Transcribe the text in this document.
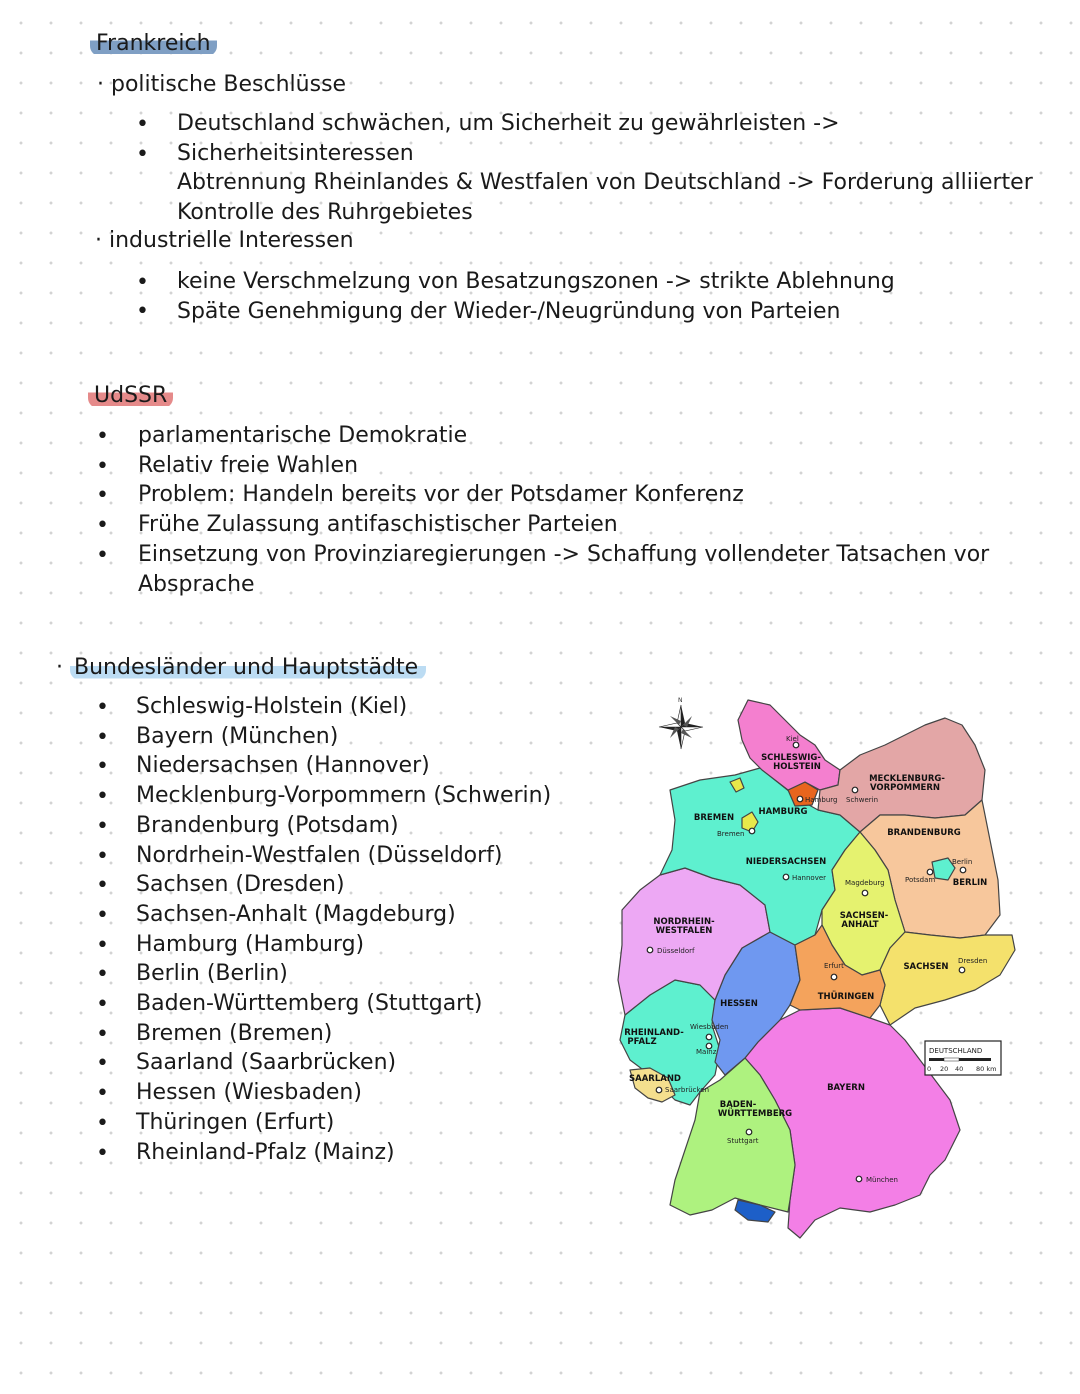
Frankreich
· politische Beschlüsse
•
•
Deutschland schwächen, um Sicherheit zu gewährleisten -> Sicherheitsinteressen
Abtrennung Rheinlandes & Westfalen von Deutschland -> Forderung alliierter
Kontrolle des Ruhrgebietes
· industrielle Interessen
•
•
keine Verschmelzung von Besatzungszonen -> strikte Ablehnung
Späte Genehmigung der Wieder-/Neugründung von Parteien
UdSSR
•
•
•
•
•
parlamentarische Demokratie
Relativ freie Wahlen
Problem: Handeln bereits vor der Potsdamer Konferenz
Frühe Zulassung antifaschistischer Parteien
Einsetzung von Provinziaregierungen -> Schaffung vollendeter Tatsachen vor
Absprache
· Bundesländer und Hauptstädte
•
•
•
•
•
•
•
•
•
•
•
•
•
•
•
•
Schleswig-Holstein (Kiel)
Bayern (München)
Niedersachsen (Hannover)
Mecklenburg-Vorpommern (Schwerin)
Brandenburg (Potsdam)
Nordrhein-Westfalen (Düsseldorf)
Sachsen (Dresden)
Sachsen-Anhalt (Magdeburg)
Hamburg (Hamburg)
Berlin (Berlin)
Baden-Württemberg (Stuttgart)
Bremen (Bremen)
Saarland (Saarbrücken)
Hessen (Wiesbaden)
Thüringen (Erfurt)
Rheinland-Pfalz (Mainz)
N
SCHLESWIG-
HOLSTEIN
MECKLENBURG-
VORPOMMERN
HAMBURG
BREMEN
BRANDENBURG
NIEDERSACHSEN
BERLIN
SACHSEN-
ANHALT
NORDRHEIN-
WESTFALEN
SACHSEN
THÜRINGEN
HESSEN
RHEINLAND-
PFALZ
SAARLAND
BADEN-
WÜRTTEMBERG
BAYERN
Kiel
Hamburg Schwerin
Bremen
Hannover
Magdeburg	Potsdam
Berlin
Düsseldorf
Erfurt
Dresden
Wiesbaden
Mainz
Saarbrücken
Stuttgart
München
DEUTSCHLAND
0 20 40 80 km
